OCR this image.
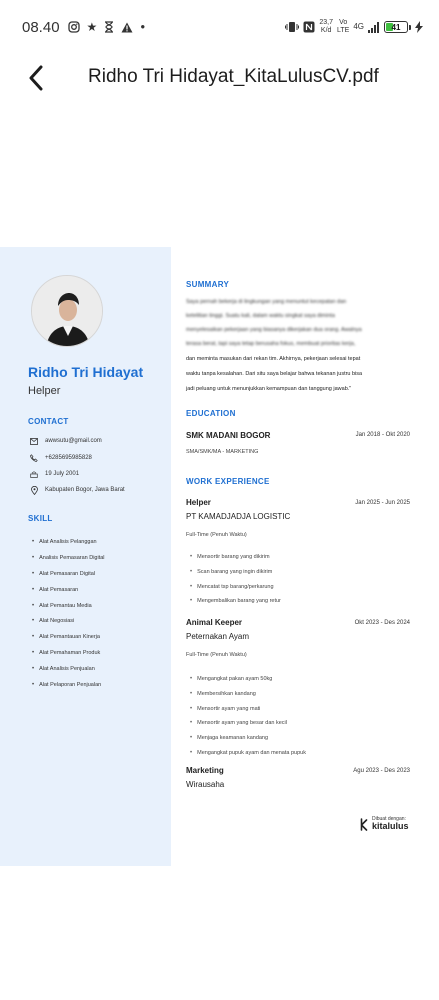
08.40 ★	●	23,7
K/d
Vo
LTE 4G	41
Ridho Tri Hidayat_KitaLulusCV.pdf
Ridho Tri Hidayat
Helper
CONTACT
awwsutu@gmail.com
+6285695985828
19 July 2001
Kabupaten Bogor, Jawa Barat
SKILL
• Alat Analisis Pelanggan
• Analisis Pemasaran Digital
• Alat Pemasaran Digital
• Alat Pemasaran
• Alat Pemantau Media
• Alat Negosiasi
• Alat Pemantauan Kinerja
• Alat Pemahaman Produk
• Alat Analisis Penjualan
• Alat Pelaporan Penjualan
SUMMARY
Saya pernah bekerja di lingkungan yang menuntut kecepatan dan
ketelitian tinggi. Suatu kali, dalam waktu singkat saya diminta
menyelesaikan pekerjaan yang biasanya dikerjakan dua orang. Awalnya
terasa berat, tapi saya tetap berusaha fokus, membuat prioritas kerja,
dan meminta masukan dari rekan tim. Akhirnya, pekerjaan selesai tepat
waktu tanpa kesalahan. Dari situ saya belajar bahwa tekanan justru bisa
jadi peluang untuk menunjukkan kemampuan dan tanggung jawab."
EDUCATION
SMK MADANI BOGOR	Jan 2018 - Okt 2020
SMA/SMK/MA - MARKETING
WORK EXPERIENCE
Helper	Jan 2025 - Jun 2025
PT KAMADJADJA LOGISTIC
Full-Time (Penuh Waktu)
• Mensortir barang yang dikirim
• Scan barang yang ingin dikirim
• Mencatat tsp barang/perkarung
• Mengembalikan barang yang retur
Animal Keeper	Okt 2023 - Des 2024
Peternakan Ayam
Full-Time (Penuh Waktu)
• Mengangkat pakan ayam 50kg
• Membersihkan kandang
• Mensortir ayam yang mati
• Mensortir ayam yang besar dan kecil
• Menjaga keamanan kandang
• Mengangkat pupuk ayam dan menata pupuk
Marketing	Agu 2023 - Des 2023
Wirausaha
Dibuat dengan:
kitalulus
